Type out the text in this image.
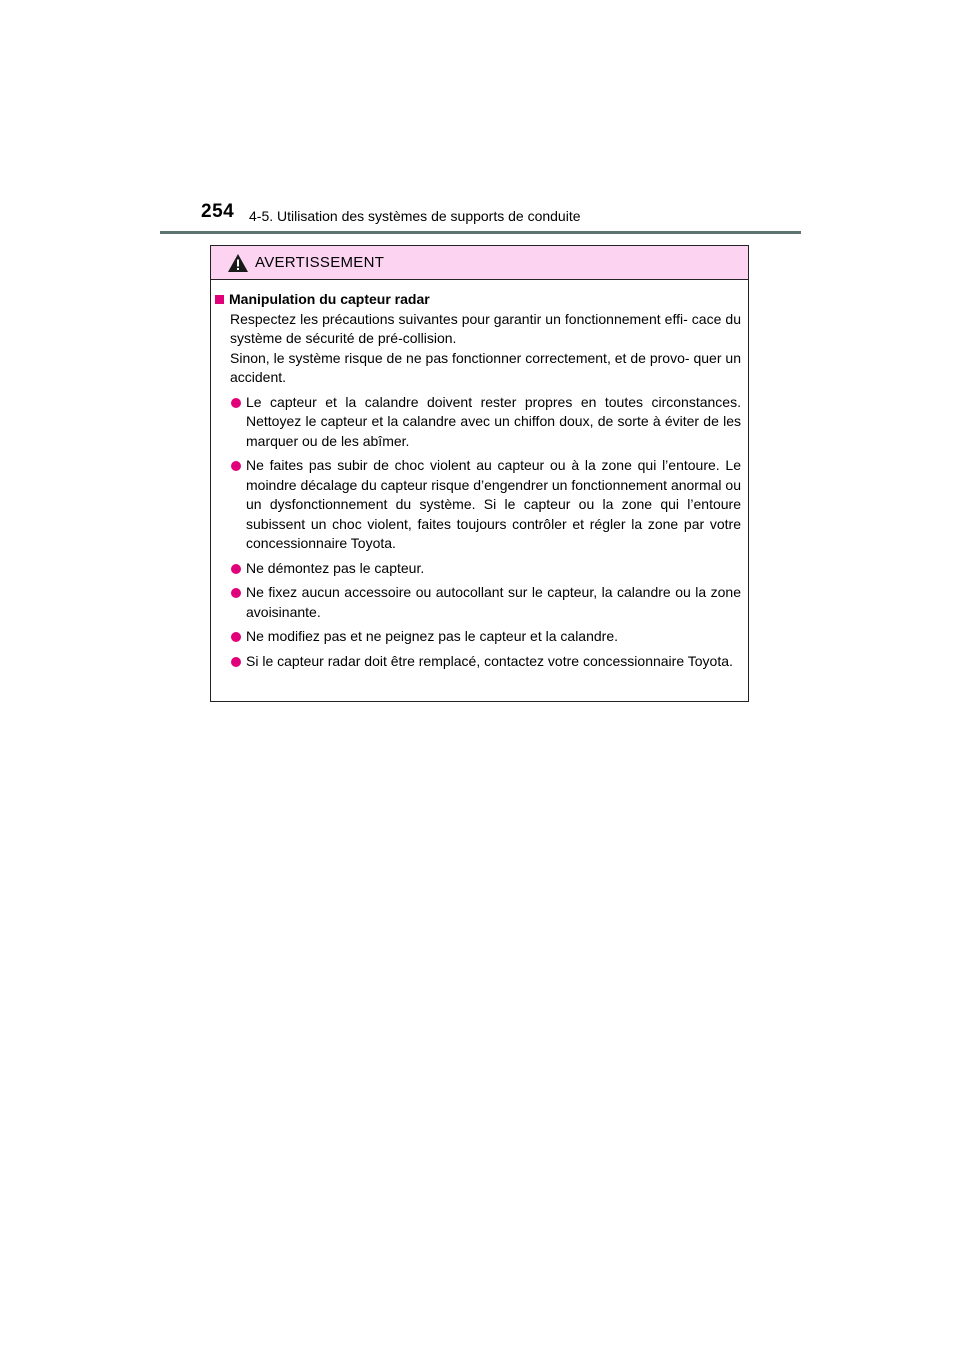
254 4-5. Utilisation des systèmes de supports de conduite
AVERTISSEMENT
Manipulation du capteur radar

Respectez les précautions suivantes pour garantir un fonctionnement effi- cace du système de sécurité de pré-collision.

Sinon, le système risque de ne pas fonctionner correctement, et de provo- quer un accident.

Le capteur et la calandre doivent rester propres en toutes circonstances. Nettoyez le capteur et la calandre avec un chiffon doux, de sorte à éviter de les marquer ou de les abîmer.
Ne faites pas subir de choc violent au capteur ou à la zone qui l’entoure. Le moindre décalage du capteur risque d’engendrer un fonctionnement anormal ou un dysfonctionnement du système. Si le capteur ou la zone qui l’entoure subissent un choc violent, faites toujours contrôler et régler la zone par votre concessionnaire Toyota.
Ne démontez pas le capteur.
Ne fixez aucun accessoire ou autocollant sur le capteur, la calandre ou la zone avoisinante.
Ne modifiez pas et ne peignez pas le capteur et la calandre.
Si le capteur radar doit être remplacé, contactez votre concessionnaire Toyota.
